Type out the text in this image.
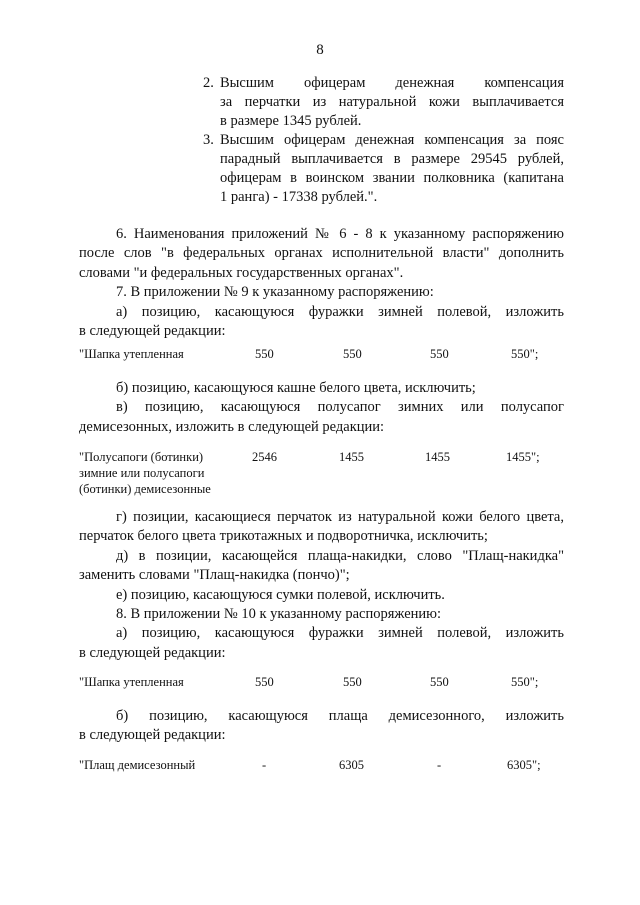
8
2. Высшим офицерам денежная компенсация
за перчатки из натуральной кожи выплачивается
в размере 1345 рублей.
3. Высшим офицерам денежная компенсация за пояс
парадный выплачивается в размере 29545 рублей,
офицерам в воинском звании полковника (капитана
1 ранга) - 17338 рублей.".
6. Наименования приложений № 6 - 8 к указанному распоряжению
после слов "в федеральных органах исполнительной власти" дополнить
словами "и федеральных государственных органах".
7. В приложении № 9 к указанному распоряжению:
а) позицию, касающуюся фуражки зимней полевой, изложить
в следующей редакции:
"Шапка утепленная	550	550	550	550";
б) позицию, касающуюся кашне белого цвета, исключить;
в) позицию, касающуюся полусапог зимних или полусапог
демисезонных, изложить в следующей редакции:
"Полусапоги (ботинки)
зимние или полусапоги
(ботинки) демисезонные
2546	1455	1455	1455";
г) позиции, касающиеся перчаток из натуральной кожи белого цвета,
перчаток белого цвета трикотажных и подворотничка, исключить;
д) в позиции, касающейся плаща-накидки, слово "Плащ-накидка"
заменить словами "Плащ-накидка (пончо)";
е) позицию, касающуюся сумки полевой, исключить.
8. В приложении № 10 к указанному распоряжению:
а) позицию, касающуюся фуражки зимней полевой, изложить
в следующей редакции:
"Шапка утепленная	550	550	550	550";
б) позицию, касающуюся плаща демисезонного, изложить
в следующей редакции:
"Плащ демисезонный	-	6305	-	6305";
